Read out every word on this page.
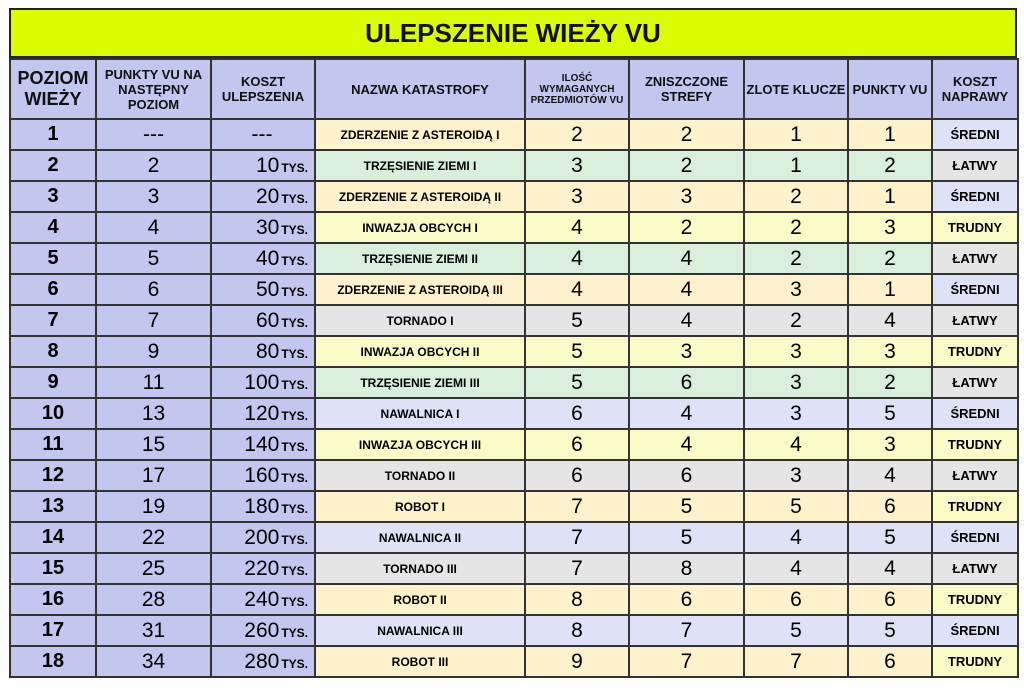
ULEPSZENIE WIEŻY VU
POZIOM WIEŻY	PUNKTY VU NA NASTĘPNY POZIOM	KOSZT ULEPSZENIA	NAZWA KATASTROFY	ILOŚĆ WYMAGANYCH PRZEDMIOTÓW VU	ZNISZCZONE STREFY	ZLOTE KLUCZE	PUNKTY VU	KOSZT NAPRAWY
1	---	---	ZDERZENIE Z ASTEROIDĄ I	2	2	1	1	ŚREDNI
2	2	10 TYS.	TRZĘSIENIE ZIEMI I	3	2	1	2	ŁATWY
3	3	20 TYS.	ZDERZENIE Z ASTEROIDĄ II	3	3	2	1	ŚREDNI
4	4	30 TYS.	INWAZJA OBCYCH I	4	2	2	3	TRUDNY
5	5	40 TYS.	TRZĘSIENIE ZIEMI II	4	4	2	2	ŁATWY
6	6	50 TYS.	ZDERZENIE Z ASTEROIDĄ III	4	4	3	1	ŚREDNI
7	7	60 TYS.	TORNADO I	5	4	2	4	ŁATWY
8	9	80 TYS.	INWAZJA OBCYCH II	5	3	3	3	TRUDNY
9	11	100 TYS.	TRZĘSIENIE ZIEMI III	5	6	3	2	ŁATWY
10	13	120 TYS.	NAWALNICA I	6	4	3	5	ŚREDNI
11	15	140 TYS.	INWAZJA OBCYCH III	6	4	4	3	TRUDNY
12	17	160 TYS.	TORNADO II	6	6	3	4	ŁATWY
13	19	180 TYS.	ROBOT I	7	5	5	6	TRUDNY
14	22	200 TYS.	NAWALNICA II	7	5	4	5	ŚREDNI
15	25	220 TYS.	TORNADO III	7	8	4	4	ŁATWY
16	28	240 TYS.	ROBOT II	8	6	6	6	TRUDNY
17	31	260 TYS.	NAWALNICA III	8	7	5	5	ŚREDNI
18	34	280 TYS.	ROBOT III	9	7	7	6	TRUDNY
